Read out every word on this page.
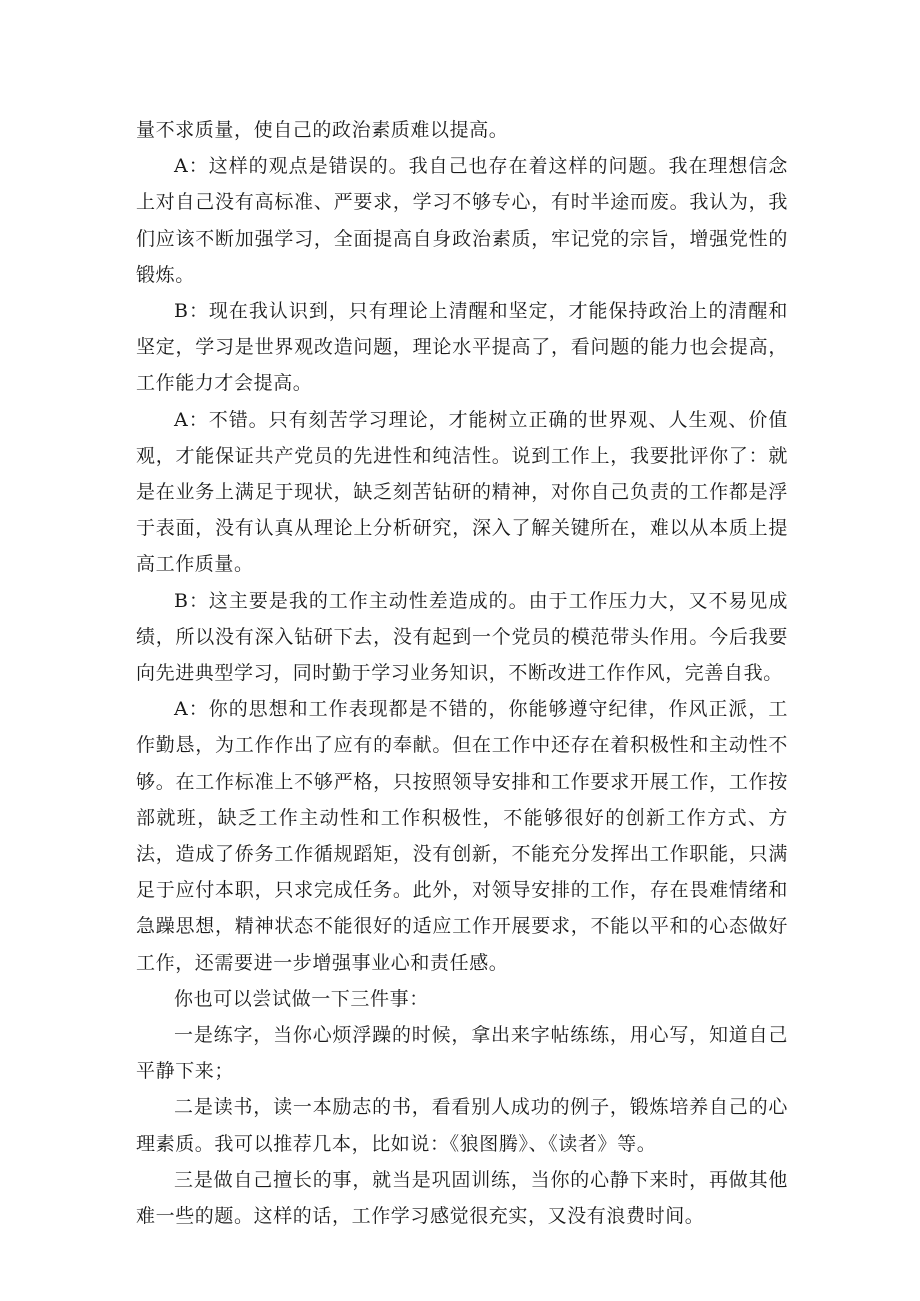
量不求质量，使自己的政治素质难以提高。

A：这样的观点是错误的。我自己也存在着这样的问题。我在理想信念上对自己没有高标准、严要求，学习不够专心，有时半途而废。我认为，我们应该不断加强学习，全面提高自身政治素质，牢记党的宗旨，增强党性的锻炼。

B：现在我认识到，只有理论上清醒和坚定，才能保持政治上的清醒和坚定，学习是世界观改造问题，理论水平提高了，看问题的能力也会提高，工作能力才会提高。

A：不错。只有刻苦学习理论，才能树立正确的世界观、人生观、价值观，才能保证共产党员的先进性和纯洁性。说到工作上，我要批评你了：就是在业务上满足于现状，缺乏刻苦钻研的精神，对你自己负责的工作都是浮于表面，没有认真从理论上分析研究，深入了解关键所在，难以从本质上提高工作质量。

B：这主要是我的工作主动性差造成的。由于工作压力大，又不易见成绩，所以没有深入钻研下去，没有起到一个党员的模范带头作用。今后我要向先进典型学习，同时勤于学习业务知识，不断改进工作作风，完善自我。

A：你的思想和工作表现都是不错的，你能够遵守纪律，作风正派，工作勤恳，为工作作出了应有的奉献。但在工作中还存在着积极性和主动性不够。在工作标准上不够严格，只按照领导安排和工作要求开展工作，工作按部就班，缺乏工作主动性和工作积极性，不能够很好的创新工作方式、方法，造成了侨务工作循规蹈矩，没有创新，不能充分发挥出工作职能，只满足于应付本职，只求完成任务。此外，对领导安排的工作，存在畏难情绪和急躁思想，精神状态不能很好的适应工作开展要求，不能以平和的心态做好工作，还需要进一步增强事业心和责任感。

你也可以尝试做一下三件事：

一是练字，当你心烦浮躁的时候，拿出来字帖练练，用心写，知道自己平静下来；

二是读书，读一本励志的书，看看别人成功的例子，锻炼培养自己的心理素质。我可以推荐几本，比如说：《狼图腾》、《读者》等。

三是做自己擅长的事，就当是巩固训练，当你的心静下来时，再做其他难一些的题。这样的话，工作学习感觉很充实，又没有浪费时间。
